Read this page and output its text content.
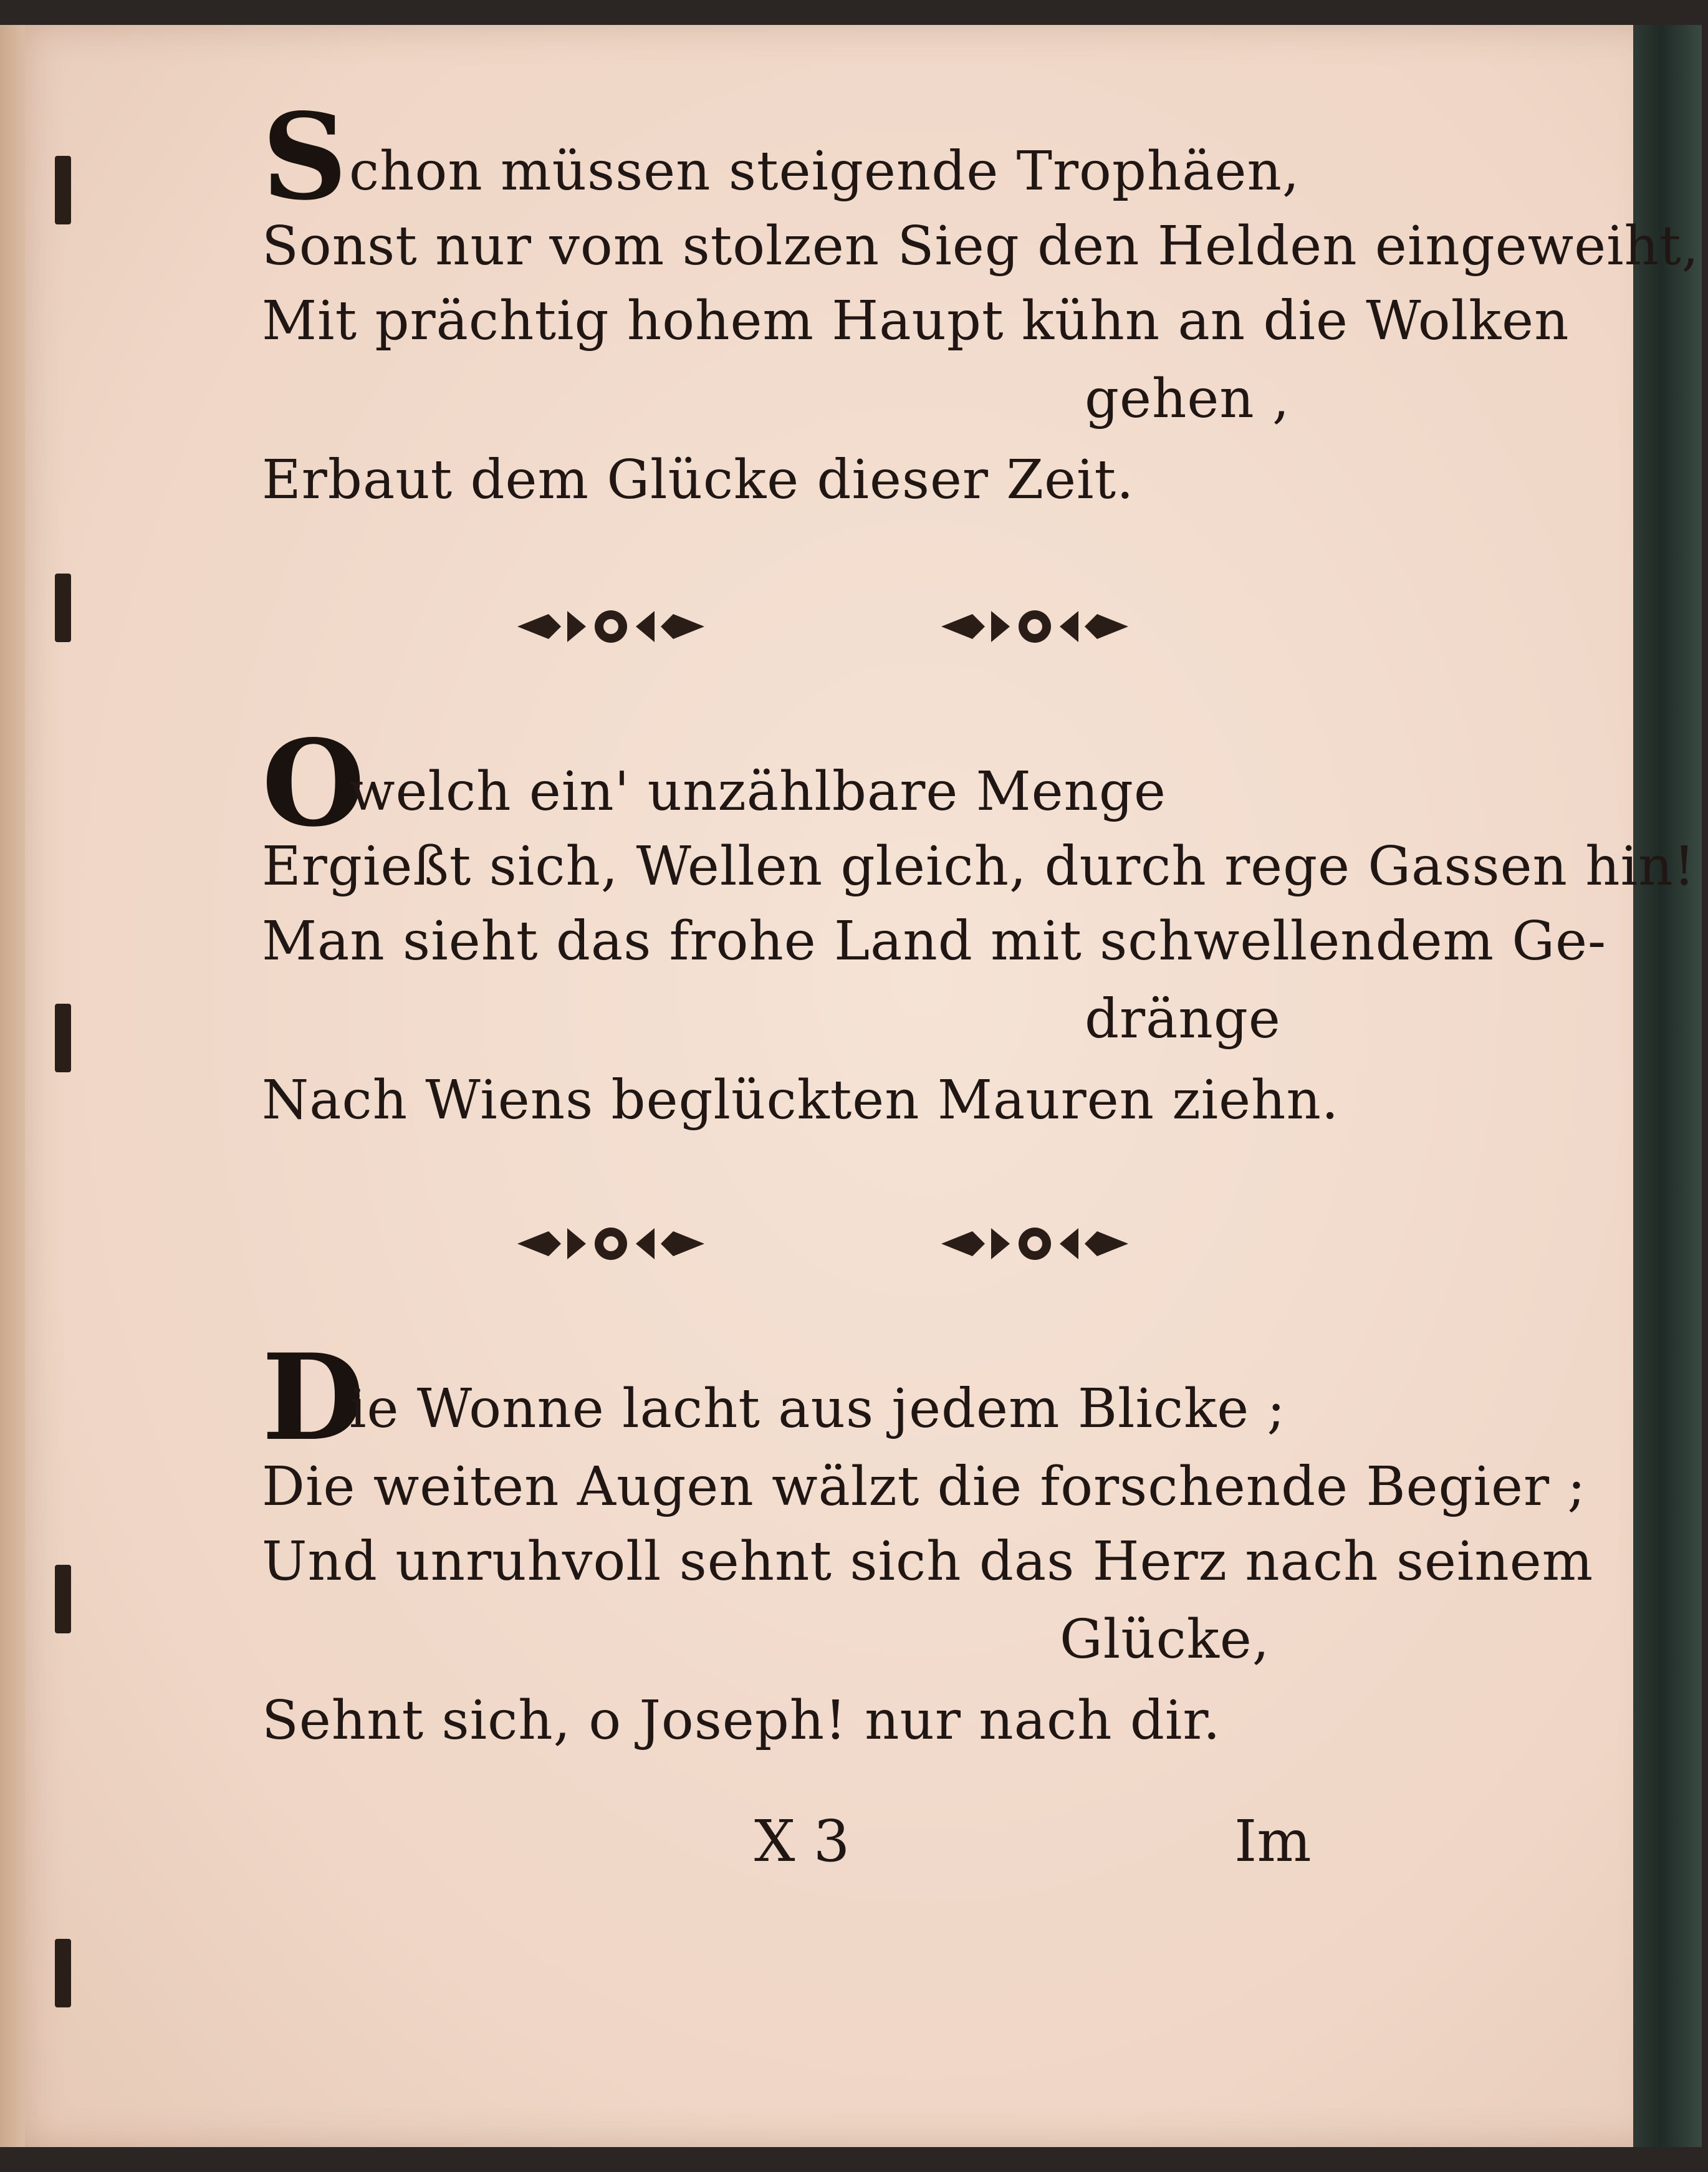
S chon müssen steigende Trophäen,
Sonst nur vom stolzen Sieg den Helden eingeweiht,
Mit prächtig hohem Haupt kühn an die Wolken
gehen ,
Erbaut dem Glücke dieser Zeit.
O
welch ein' unzählbare Menge
Ergießt sich, Wellen gleich, durch rege Gassen hin!
Man sieht das frohe Land mit schwellendem Ge-
dränge
Nach Wiens beglückten Mauren ziehn.
D
ie Wonne lacht aus jedem Blicke ;
Die weiten Augen wälzt die forschende Begier ;
Und unruhvoll sehnt sich das Herz nach seinem
Glücke,
Sehnt sich, o Joseph! nur nach dir.
X 3	Im
